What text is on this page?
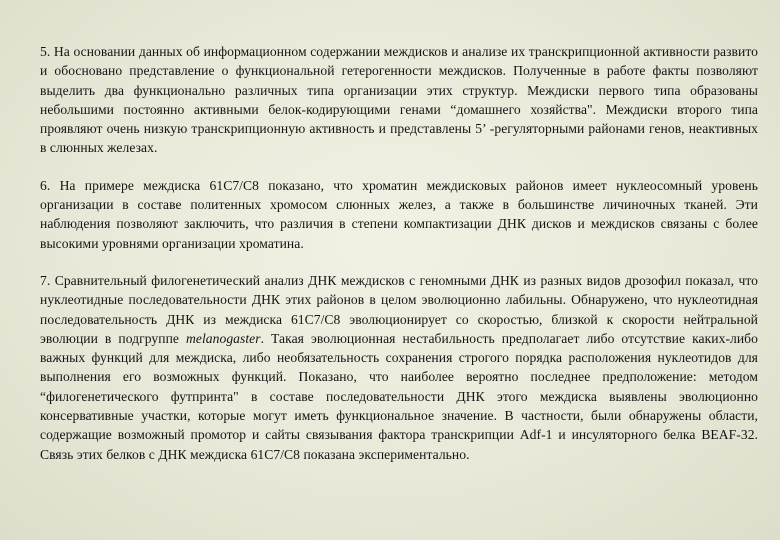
5. На основании данных об информационном содержании междисков и анализе их транскрипционной активности развито и обосновано представление о функциональной гетерогенности междисков. Полученные в работе факты позволяют выделить два функционально различных типа организации этих структур. Междиски первого типа образованы небольшими постоянно активными белок-кодирующими генами “домашнего хозяйства". Междиски второго типа проявляют очень низкую транскрипционную активность и представлены 5’ -регуляторными районами генов, неактивных в слюнных железах.

6. На примере междиска 61С7/С8 показано, что хроматин междисковых районов имеет нуклеосомный уровень организации в составе политенных хромосом слюнных желез, а также в большинстве личиночных тканей. Эти наблюдения позволяют заключить, что различия в степени компактизации ДНК дисков и междисков связаны с более высокими уровнями организации хроматина.

7. Сравнительный филогенетический анализ ДНК междисков с геномными ДНК из разных видов дрозофил показал, что нуклеотидные последовательности ДНК этих районов в целом эволюционно лабильны. Обнаружено, что нуклеотидная последовательность ДНК из междиска 61С7/С8 эволюционирует со скоростью, близкой к скорости нейтральной эволюции в подгруппе melanogaster. Такая эволюционная нестабильность предполагает либо отсутствие каких-либо важных функций для междиска, либо необязательность сохранения строгого порядка расположения нуклеотидов для выполнения его возможных функций. Показано, что наиболее вероятно последнее предположение: методом “филогенетического футпринта" в составе последовательности ДНК этого междиска выявлены эволюционно консервативные участки, которые могут иметь функциональное значение. В частности, были обнаружены области, содержащие возможный промотор и сайты связывания фактора транскрипции Adf-1 и инсуляторного белка BEAF-32. Связь этих белков с ДНК междиска 61С7/С8 показана экспериментально.
